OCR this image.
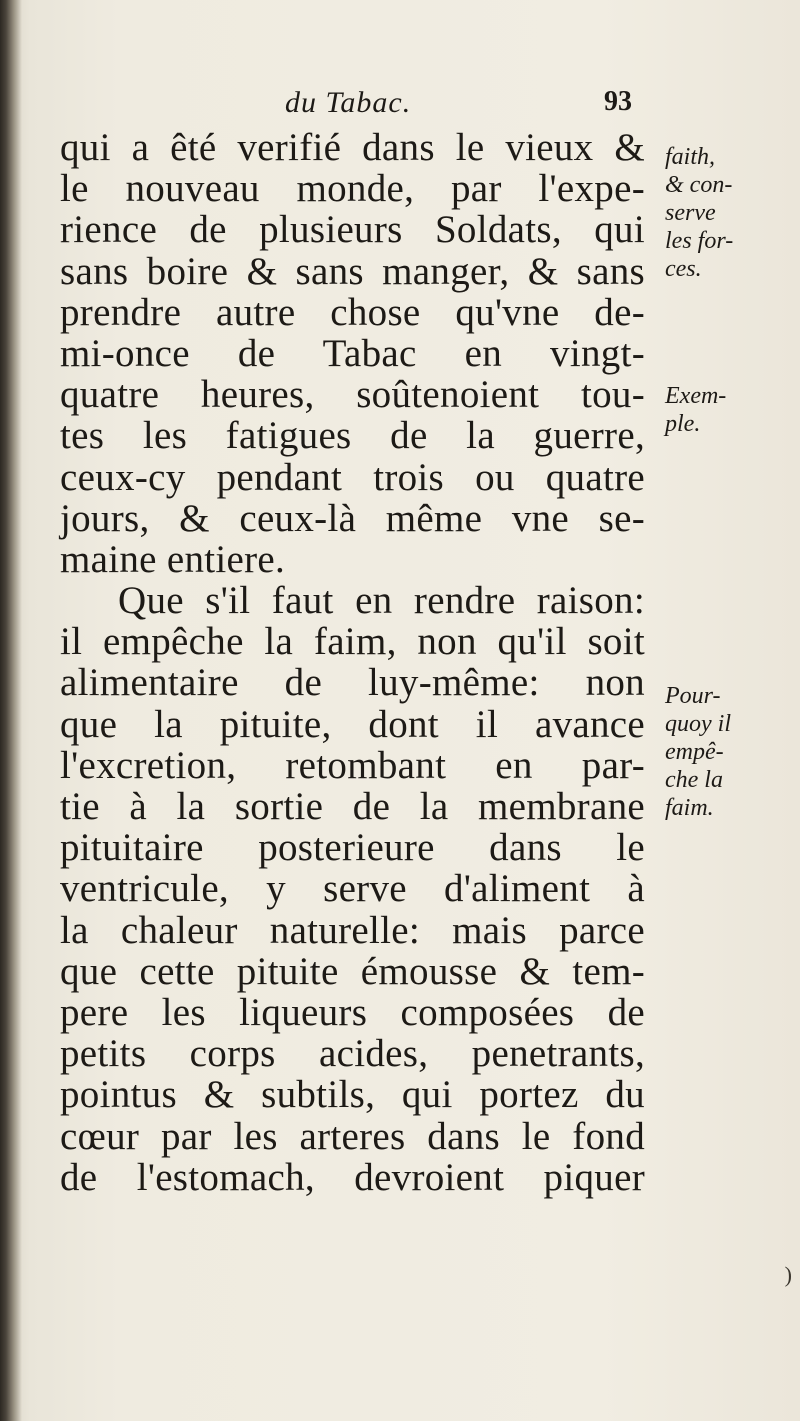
du Tabac.	93
qui a êté verifié dans le vieux &
le nouveau monde, par l'expe-
rience de plusieurs Soldats, qui
sans boire & sans manger, & sans
prendre autre chose qu'vne de-
mi-once de Tabac en vingt-
quatre heures, soûtenoient tou-
tes les fatigues de la guerre,
ceux-cy pendant trois ou quatre
jours, & ceux-là même vne se-
maine entiere.
Que s'il faut en rendre raison:
il empêche la faim, non qu'il soit
alimentaire de luy-même: non
que la pituite, dont il avance
l'excretion, retombant en par-
tie à la sortie de la membrane
pituitaire posterieure dans le
ventricule, y serve d'aliment à
la chaleur naturelle: mais parce
que cette pituite émousse & tem-
pere les liqueurs composées de
petits corps acides, penetrants,
pointus & subtils, qui portez du
cœur par les arteres dans le fond
de l'estomach, devroient piquer
faith,
& con-
serve
les for-
ces.
Exem-
ple.
Pour-
quoy il
empê-
che la
faim.
)
